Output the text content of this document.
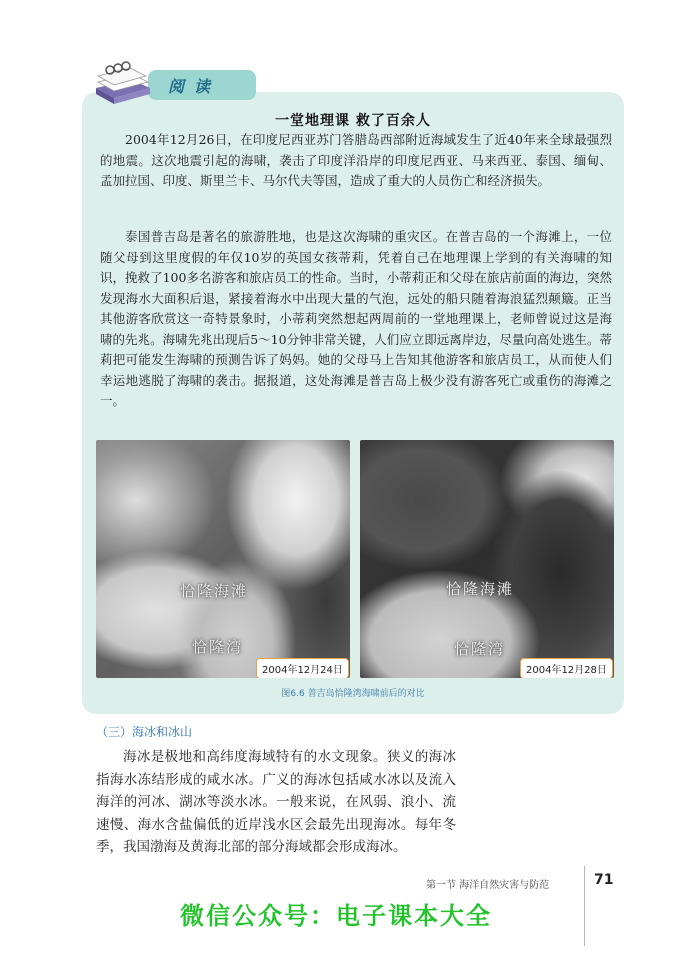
阅读
一堂地理课 救了百余人
2004年12月26日，在印度尼西亚苏门答腊岛西部附近海域发生了近40年来全球最强烈的地震。这次地震引起的海啸，袭击了印度洋沿岸的印度尼西亚、马来西亚、泰国、缅甸、孟加拉国、印度、斯里兰卡、马尔代夫等国，造成了重大的人员伤亡和经济损失。
泰国普吉岛是著名的旅游胜地，也是这次海啸的重灾区。在普吉岛的一个海滩上，一位随父母到这里度假的年仅10岁的英国女孩蒂莉，凭着自己在地理课上学到的有关海啸的知识，挽救了100多名游客和旅店员工的性命。当时，小蒂莉正和父母在旅店前面的海边，突然发现海水大面积后退，紧接着海水中出现大量的气泡，远处的船只随着海浪猛烈颠簸。正当其他游客欣赏这一奇特景象时，小蒂莉突然想起两周前的一堂地理课上，老师曾说过这是海啸的先兆。海啸先兆出现后5～10分钟非常关键，人们应立即远离岸边，尽量向高处逃生。蒂莉把可能发生海啸的预测告诉了妈妈。她的父母马上告知其他游客和旅店员工，从而使人们幸运地逃脱了海啸的袭击。据报道，这处海滩是普吉岛上极少没有游客死亡或重伤的海滩之一。
恰隆海滩
恰隆湾
2004年12月24日
恰隆海滩
恰隆湾
2004年12月28日
图6.6 普吉岛恰隆湾海啸前后的对比
（三）海冰和冰山
海冰是极地和高纬度海域特有的水文现象。狭义的海冰指海水冻结形成的咸水冰。广义的海冰包括咸水冰以及流入海洋的河冰、湖冰等淡水冰。一般来说，在风弱、浪小、流速慢、海水含盐偏低的近岸浅水区会最先出现海冰。每年冬季，我国渤海及黄海北部的部分海域都会形成海冰。
第一节 海洋自然灾害与防范	71
微信公众号：电子课本大全
